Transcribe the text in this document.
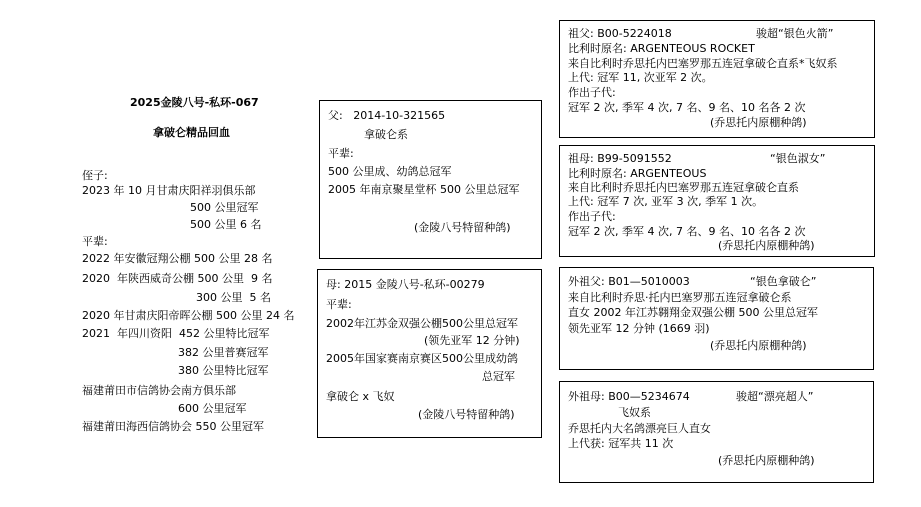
2025金陵八号-私环-067
拿破仑精品回血
侄子:
2023 年 10 月甘肃庆阳祥羽俱乐部
500 公里冠军
500 公里 6 名
平辈:
2022 年安徽冠翔公棚 500 公里 28 名
2020  年陕西威奇公棚 500 公里  9 名
300 公里  5 名
2020 年甘肃庆阳帝晖公棚 500 公里 24 名
2021  年四川资阳  452 公里特比冠军
382 公里普赛冠军
380 公里特比冠军
福建莆田市信鸽协会南方俱乐部
600 公里冠军
福建莆田海西信鸽协会 550 公里冠军
父:   2014-10-321565
拿破仑系
平辈:
500 公里成、幼鸽总冠军
2005 年南京聚星堂杯 500 公里总冠军
(金陵八号特留种鸽)
母: 2015 金陵八号-私环-00279
平辈:
2002年江苏金双强公棚500公里总冠军
(领先亚军 12 分钟)
2005年国家赛南京赛区500公里成幼鸽
总冠军
拿破仑 x 飞奴
(金陵八号特留种鸽)
祖父: B00-5224018	骏超“银色火箭”
比利时原名: ARGENTEOUS ROCKET
来自比利时乔思托内巴塞罗那五连冠拿破仑直系*飞奴系
上代: 冠军 11, 次亚军 2 次。
作出子代:
冠军 2 次, 季军 4 次, 7 名、9 名、10 名各 2 次
(乔思托内原棚种鸽)
祖母: B99-5091552	“银色淑女”
比利时原名: ARGENTEOUS
来自比利时乔思托内巴塞罗那五连冠拿破仑直系
上代: 冠军 7 次, 亚军 3 次, 季军 1 次。
作出子代:
冠军 2 次, 季军 4 次, 7 名、9 名、10 名各 2 次
(乔思托内原棚种鸽)
外祖父: B01—5010003	“银色拿破仑”
来自比利时乔思·托内巴塞罗那五连冠拿破仑系
直女 2002 年江苏翱翔金双强公棚 500 公里总冠军
领先亚军 12 分钟 (1669 羽)
(乔思托内原棚种鸽)
外祖母: B00—5234674	骏超“漂亮超人”
飞奴系
乔思托内大名鸽漂亮巨人直女
上代获: 冠军共 11 次
(乔思托内原棚种鸽)
